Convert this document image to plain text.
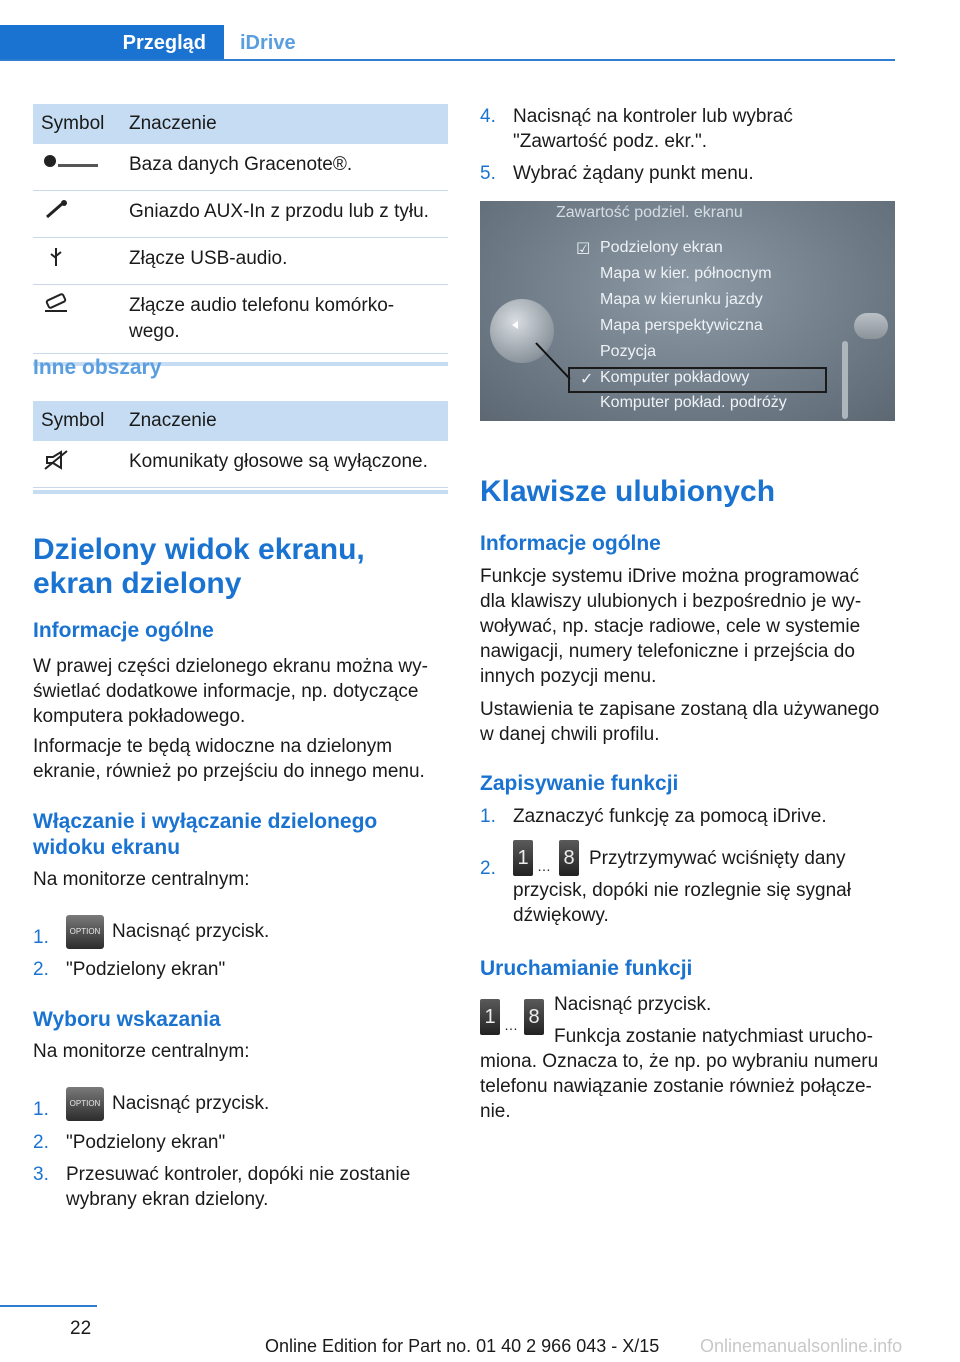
Przegląd	iDrive
Symbol	Znaczenie
	Baza danych Gracenote®.
	Gniazdo AUX-In z przodu lub z tyłu.
	Złącze USB-audio.

Złącze audio telefonu komórko-
wego.
Inne obszary
Symbol	Znaczenie
	Komunikaty głosowe są wyłączone.
Dzielony widok ekranu,
ekran dzielony
Informacje ogólne
W prawej części dzielonego ekranu można wy-
świetlać dodatkowe informacje, np. dotyczące
komputera pokładowego.
Informacje te będą widoczne na dzielonym
ekranie, również po przejściu do innego menu.
Włączanie i wyłączanie dzielonego
widoku ekranu
Na monitorze centralnym:
1.	OPTION Nacisnąć przycisk.
2. "Podzielony ekran"
Wyboru wskazania
Na monitorze centralnym:
1.	OPTION Nacisnąć przycisk.
2. "Podzielony ekran"
3. Przesuwać kontroler, dopóki nie zostanie
wybrany ekran dzielony.
4. Nacisnąć na kontroler lub wybrać
"Zawartość podz. ekr.".
5. Wybrać żądany punkt menu.
Zawartość podziel. ekranu
☑ Podzielony ekran
Mapa w kier. północnym
Mapa w kierunku jazdy
Mapa perspektywiczna
Pozycja
✓ Komputer pokładowy
Komputer pokład. podróży
Klawisze ulubionych
Informacje ogólne
Funkcje systemu iDrive można programować
dla klawiszy ulubionych i bezpośrednio je wy-
woływać, np. stacje radiowe, cele w systemie
nawigacji, numery telefoniczne i przejścia do
innych pozycji menu.
Ustawienia te zapisane zostaną dla używanego
w danej chwili profilu.
Zapisywanie funkcji
1. Zaznaczyć funkcję za pomocą iDrive.
2. 1 … 8 Przytrzymywać wciśnięty dany
przycisk, dopóki nie rozlegnie się sygnał
dźwiękowy.
Uruchamianie funkcji
1 … 8
Nacisnąć przycisk.
Funkcja zostanie natychmiast urucho-
miona. Oznacza to, że np. po wybraniu numeru
telefonu nawiązanie zostanie również połącze-
nie.
22
Online Edition for Part no. 01 40 2 966 043 - X/15 Onlinemanualsonline.info
